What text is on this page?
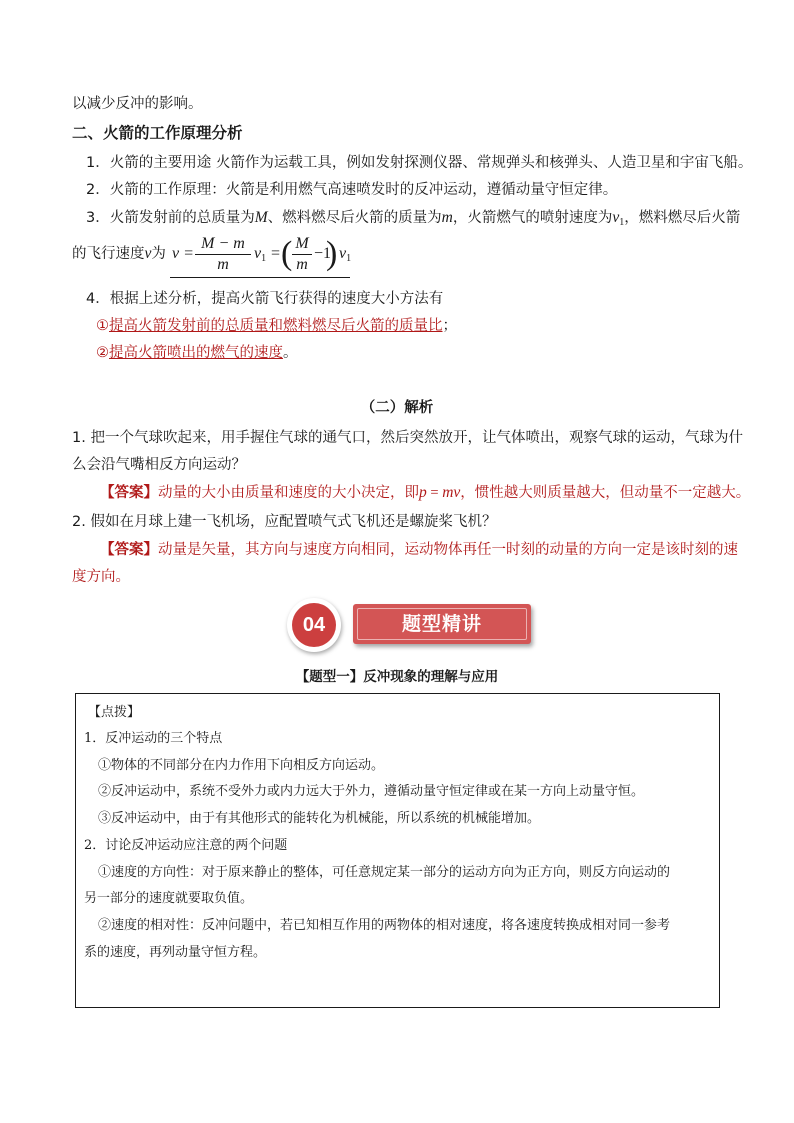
以减少反冲的影响。
二、火箭的工作原理分析
1．火箭的主要用途 火箭作为运载工具，例如发射探测仪器、常规弹头和核弹头、人造卫星和宇宙飞船。
2．火箭的工作原理：火箭是利用燃气高速喷发时的反冲运动，遵循动量守恒定律。
3．火箭发射前的总质量为M、燃料燃尽后火箭的质量为m，火箭燃气的喷射速度为$v_1$，燃料燃尽后火箭
的飞行速度v为 $v = \frac{M - m}{m} v_1$ = ( $\frac{M}{m} -1$
) $v_1$
4．根据上述分析，提高火箭飞行获得的速度大小方法有
①提高火箭发射前的总质量和燃料燃尽后火箭的质量比；
②提高火箭喷出的燃气的速度。
（二）解析
1. 把一个气球吹起来，用手握住气球的通气口，然后突然放开，让气体喷出，观察气球的运动，气球为什
么会沿气嘴相反方向运动？
【答案】动量的大小由质量和速度的大小决定，即p = mv，惯性越大则质量越大，但动量不一定越大。
2. 假如在月球上建一飞机场，应配置喷气式飞机还是螺旋桨飞机？
【答案】动量是矢量，其方向与速度方向相同，运动物体再任一时刻的动量的方向一定是该时刻的速
度方向。
题型精讲
04
【题型一】反冲现象的理解与应用
【点拨】
1．反冲运动的三个特点
①物体的不同部分在内力作用下向相反方向运动。
②反冲运动中，系统不受外力或内力远大于外力，遵循动量守恒定律或在某一方向上动量守恒。
③反冲运动中，由于有其他形式的能转化为机械能，所以系统的机械能增加。
2．讨论反冲运动应注意的两个问题
①速度的方向性：对于原来静止的整体，可任意规定某一部分的运动方向为正方向，则反方向运动的
另一部分的速度就要取负值。
②速度的相对性：反冲问题中，若已知相互作用的两物体的相对速度，将各速度转换成相对同一参考
系的速度，再列动量守恒方程。
